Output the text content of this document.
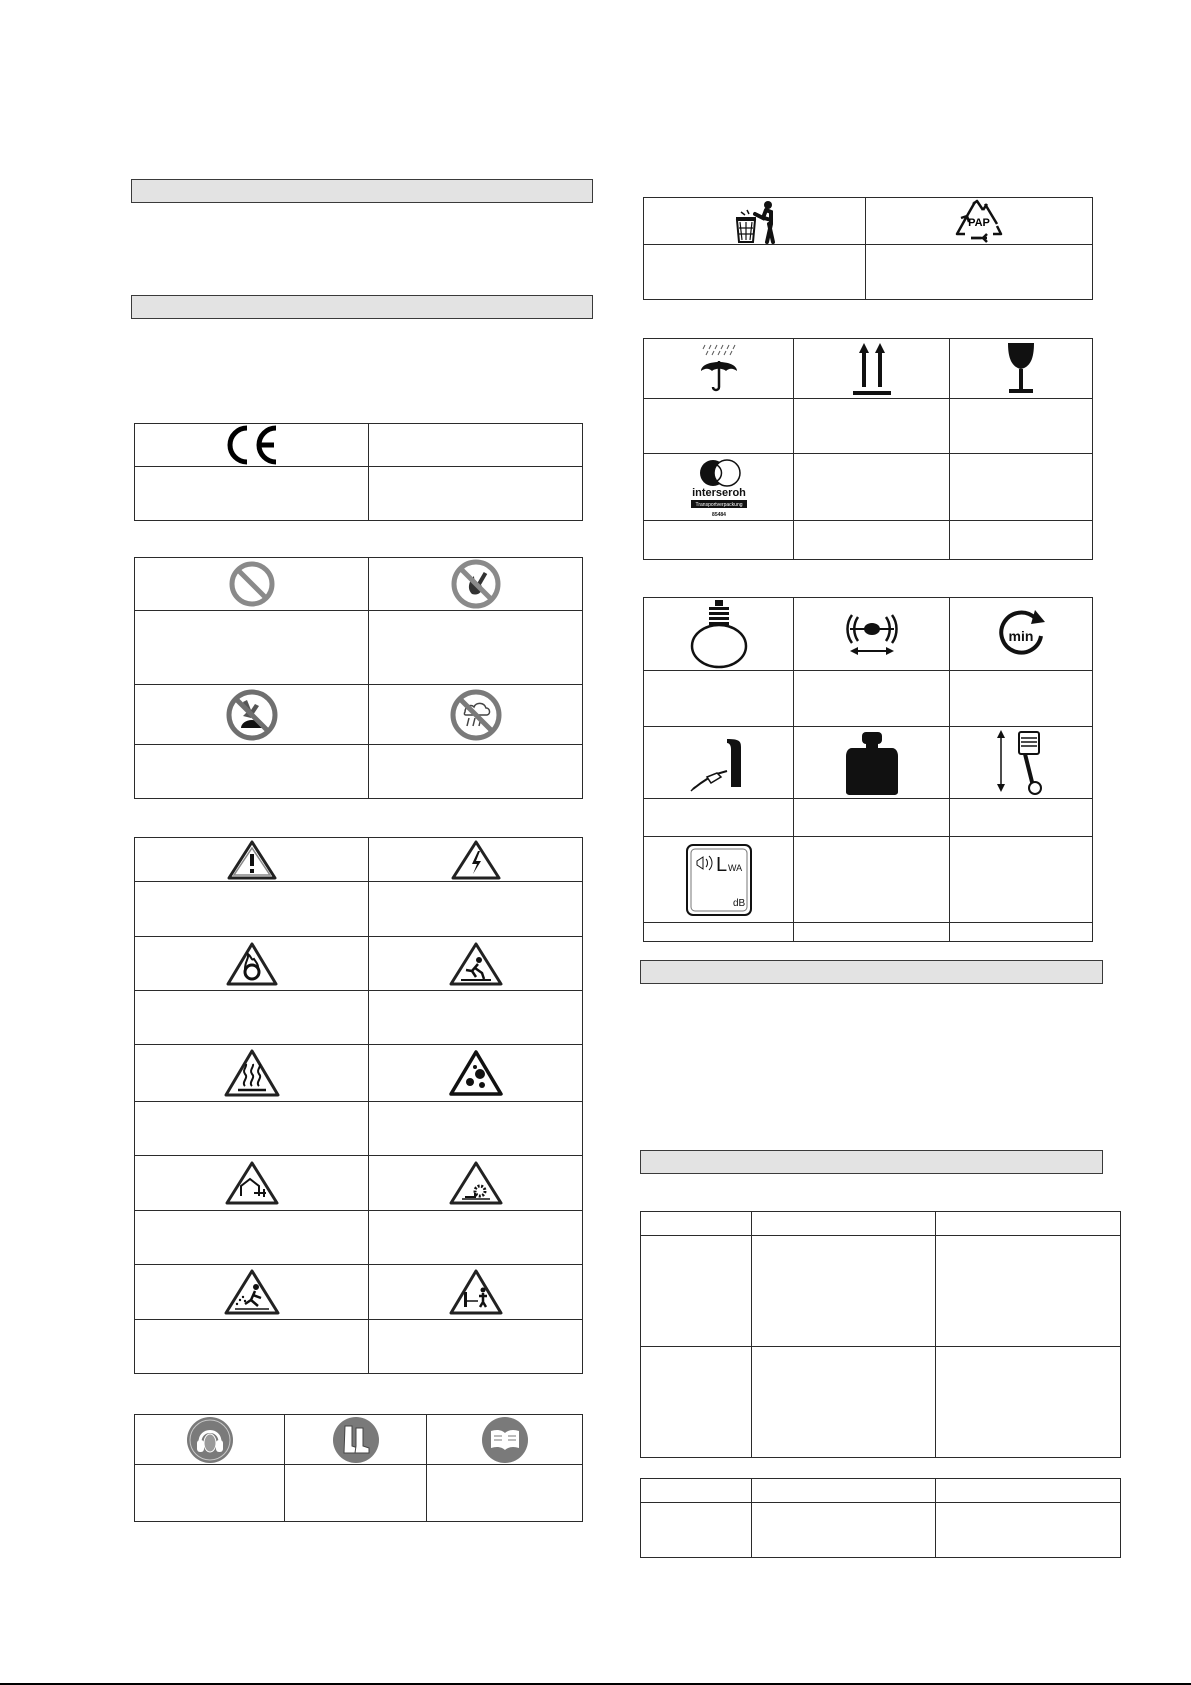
PAP

interseroh
Transportverpackung
85484		

min

L WA
dB		
